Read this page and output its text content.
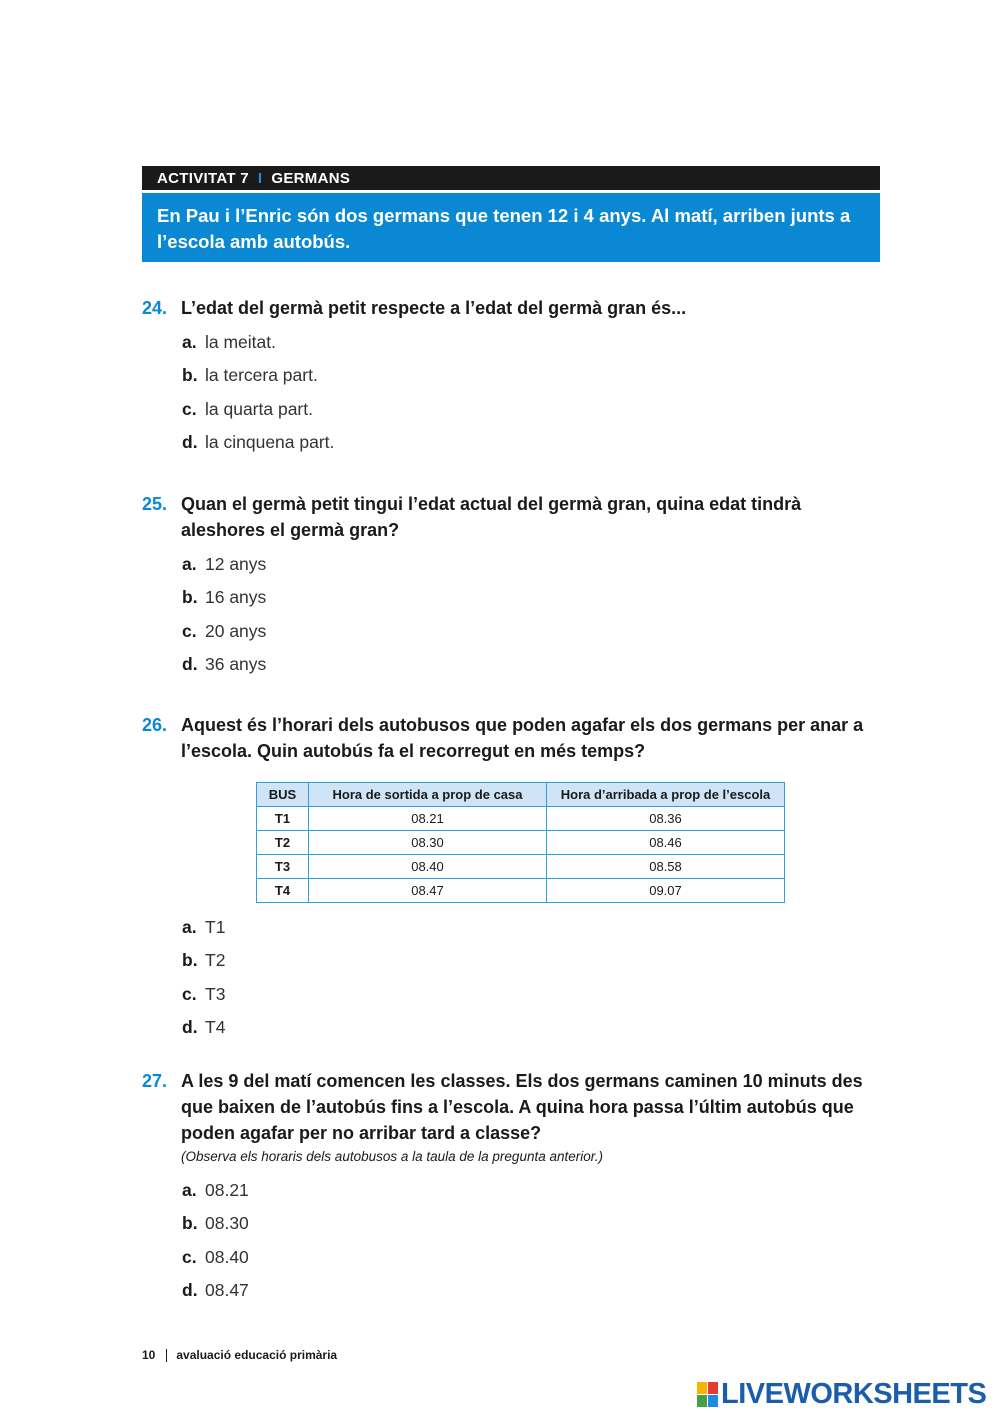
ACTIVITAT 7 I GERMANS
En Pau i l’Enric són dos germans que tenen 12 i 4 anys. Al matí, arriben junts a l’escola amb autobús.
24. L’edat del germà petit respecte a l’edat del germà gran és...
a. la meitat.
b. la tercera part.
c. la quarta part.
d. la cinquena part.
25. Quan el germà petit tingui l’edat actual del germà gran, quina edat tindrà aleshores el germà gran?
a. 12 anys
b. 16 anys
c. 20 anys
d. 36 anys
26. Aquest és l’horari dels autobusos que poden agafar els dos germans per anar a l’escola. Quin autobús fa el recorregut en més temps?
BUS	Hora de sortida a prop de casa	Hora d’arribada a prop de l’escola
T1	08.21	08.36
T2	08.30	08.46
T3	08.40	08.58
T4	08.47	09.07
a. T1
b. T2
c. T3
d. T4
27. A les 9 del matí comencen les classes. Els dos germans caminen 10 minuts des que baixen de l’autobús fins a l’escola. A quina hora passa l’últim autobús que poden agafar per no arribar tard a classe?
(Observa els horaris dels autobusos a la taula de la pregunta anterior.)
a. 08.21
b. 08.30
c. 08.40
d. 08.47
10 avaluació educació primària
LIVEWORKSHEETS
